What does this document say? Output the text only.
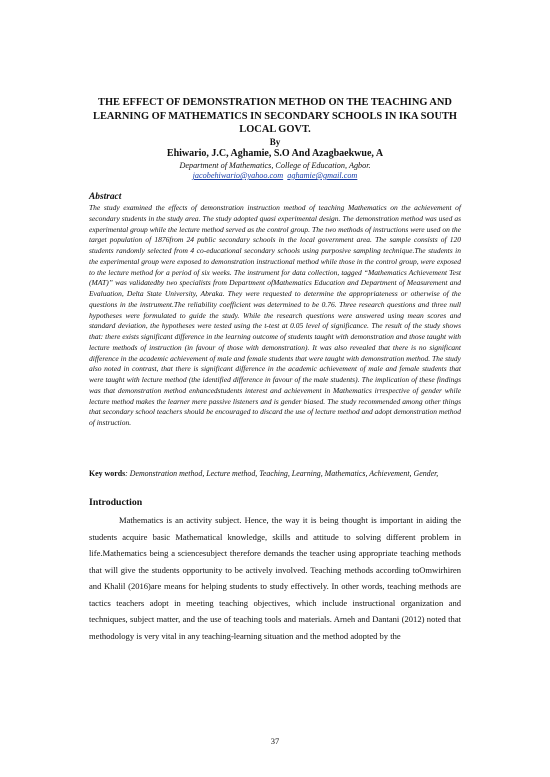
THE EFFECT OF DEMONSTRATION METHOD ON THE TEACHING AND LEARNING OF MATHEMATICS IN SECONDARY SCHOOLS IN IKA SOUTH LOCAL GOVT.
By
Ehiwario, J.C, Aghamie, S.O And Azagbaekwue, A
Department of Mathematics, College of Education, Agbor.
jacobehiwario@yahoo.com aghamie@gmail.com
Abstract
The study examined the effects of demonstration instruction method of teaching Mathematics on the achievement of secondary students in the study area. The study adopted quasi experimental design. The demonstration method was used as experimental group while the lecture method served as the control group. The two methods of instructions were used on the target population of 1876from 24 public secondary schools in the local government area. The sample consists of 120 students randomly selected from 4 co-educational secondary schools using purposive sampling technique.The students in the experimental group were exposed to demonstration instructional method while those in the control group, were exposed to the lecture method for a period of six weeks. The instrument for data collection, tagged “Mathematics Achievement Test (MAT)” was validatedby two specialists from Department ofMathematics Education and Department of Measurement and Evaluation, Delta State University, Abraka. They were requested to determine the appropriateness or otherwise of the questions in the instrument.The reliability coefficient was determined to be 0.76. Three research questions and three null hypotheses were formulated to guide the study. While the research questions were answered using mean scores and standard deviation, the hypotheses were tested using the t-test at 0.05 level of significance. The result of the study shows that: there exists significant difference in the learning outcome of students taught with demonstration and those taught with lecture methods of instruction (in favour of those with demonstration). It was also revealed that there is no significant difference in the academic achievement of male and female students that were taught with demonstration method. The study also noted in contrast, that there is significant difference in the academic achievement of male and female students that were taught with lecture method (the identified difference in favour of the male students). The implication of these findings was that demonstration method enhancedstudents interest and achievement in Mathematics irrespective of gender while lecture method makes the learner mere passive listeners and is gender biased. The study recommended among other things that secondary school teachers should be encouraged to discard the use of lecture method and adopt demonstration method of instruction.
Key words: Demonstration method, Lecture method, Teaching, Learning, Mathematics, Achievement, Gender,
Introduction
Mathematics is an activity subject. Hence, the way it is being thought is important in aiding the students acquire basic Mathematical knowledge, skills and attitude to solving different problem in life.Mathematics being a sciencesubject therefore demands the teacher using appropriate teaching methods that will give the students opportunity to be actively involved. Teaching methods according toOmwirhiren and Khalil (2016)are means for helping students to study effectively. In other words, teaching methods are tactics teachers adopt in meeting teaching objectives, which include instructional organization and techniques, subject matter, and the use of teaching tools and materials. Arneh and Dantani (2012) noted that methodology is very vital in any teaching-learning situation and the method adopted by the
37
